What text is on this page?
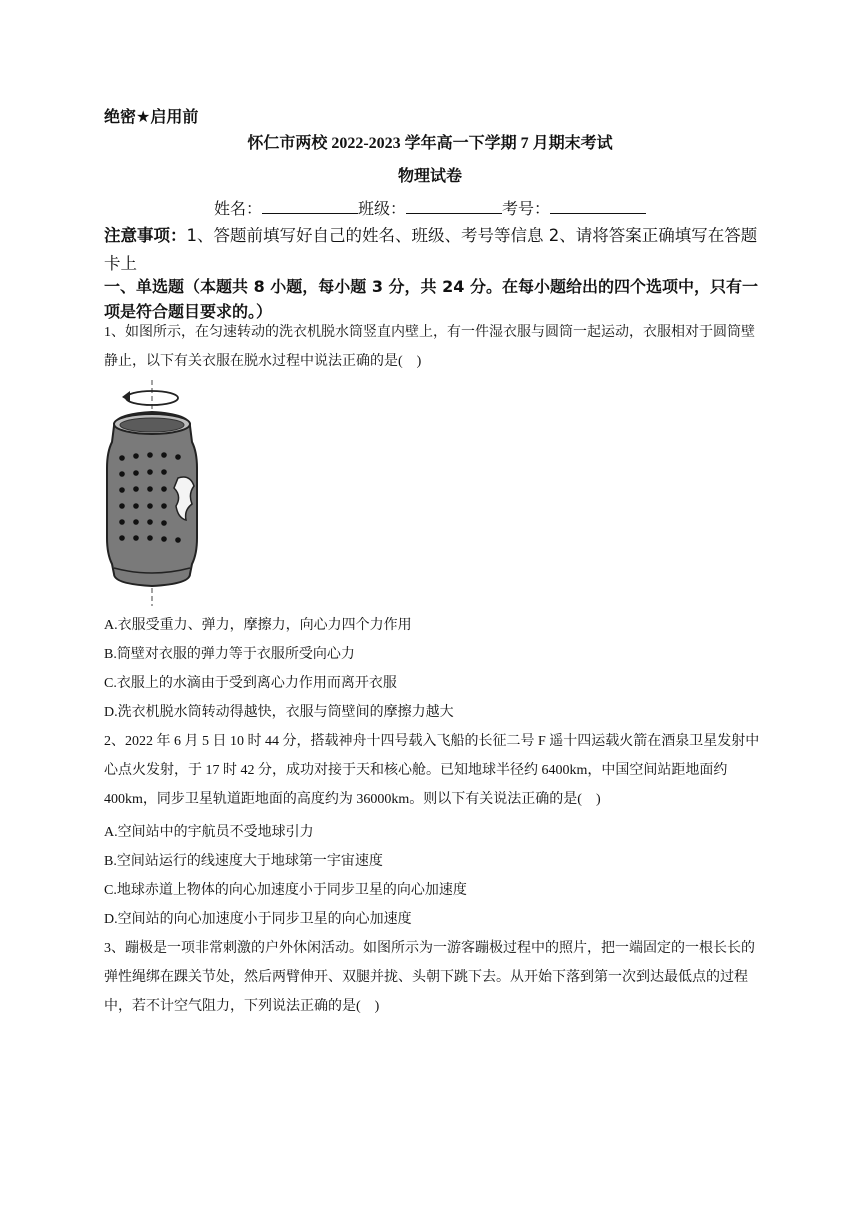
绝密★启用前
怀仁市两校 2022-2023 学年高一下学期 7 月期末考试
物理试卷
姓名：	班级：	考号：
注意事项：1、答题前填写好自己的姓名、班级、考号等信息 2、请将答案正确填写在答题卡上
一、单选题（本题共 8 小题，每小题 3 分，共 24 分。在每小题给出的四个选项中，只有一项是符合题目要求的。）
1、如图所示，在匀速转动的洗衣机脱水筒竖直内壁上，有一件湿衣服与圆筒一起运动，衣服相对于圆筒壁静止，以下有关衣服在脱水过程中说法正确的是(　)
A.衣服受重力、弹力，摩擦力，向心力四个力作用
B.筒壁对衣服的弹力等于衣服所受向心力
C.衣服上的水滴由于受到离心力作用而离开衣服
D.洗衣机脱水筒转动得越快，衣服与筒壁间的摩擦力越大
2、2022 年 6 月 5 日 10 时 44 分，搭载神舟十四号载入飞船的长征二号 F 遥十四运载火箭在酒泉卫星发射中心点火发射，于 17 时 42 分，成功对接于天和核心舱。已知地球半径约 6400km，中国空间站距地面约 400km，同步卫星轨道距地面的高度约为 36000km。则以下有关说法正确的是(　)
A.空间站中的宇航员不受地球引力
B.空间站运行的线速度大于地球第一宇宙速度
C.地球赤道上物体的向心加速度小于同步卫星的向心加速度
D.空间站的向心加速度小于同步卫星的向心加速度
3、蹦极是一项非常刺激的户外休闲活动。如图所示为一游客蹦极过程中的照片，把一端固定的一根长长的弹性绳绑在踝关节处，然后两臂伸开、双腿并拢、头朝下跳下去。从开始下落到第一次到达最低点的过程中，若不计空气阻力，下列说法正确的是(　)
